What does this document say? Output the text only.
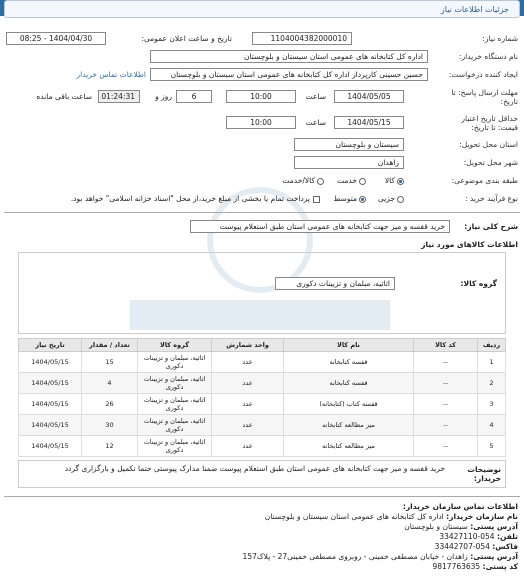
جزئیات اطلاعات نیاز
شماره نیاز:
1104004382000010
تاریخ و ساعت اعلان عمومی:
1404/04/30 - 08:25
نام دستگاه خریدار:
اداره کل کتابخانه های عمومی استان سیستان و بلوچستان
ایجاد کننده درخواست:
حسین حسینی کارپرداز اداره کل کتابخانه های عمومی استان سیستان و بلوچستان
اطلاعات تماس خریدار
مهلت ارسال پاسخ: تا
تاریخ:
1404/05/05
ساعت
10:00
6
روز و
01:24:31
ساعت باقی مانده
حداقل تاریخ اعتبار
قیمت: تا تاریخ:
1404/05/15
ساعت
10:00
استان محل تحویل:
سیستان و بلوچستان
شهر محل تحویل:
زاهدان
طبقه بندی موضوعی:
کالا
خدمت
کالا/خدمت
نوع فرآیند خرید :
جزیی
متوسط
پرداخت تمام یا بخشی از مبلغ خرید،از محل "اسناد خزانه اسلامی" خواهد بود.
شرح کلی نیاز:
خرید قفسه و میز جهت کتابخانه های عمومی استان طبق استعلام پیوست
اطلاعات کالاهای مورد نیاز
گروه کالا:
اثاثیه، مبلمان و تزیینات دکوری
ردیف	کد کالا	نام کالا	واحد شمارش	گروه کالا	تعداد / مقدار	تاریخ نیاز
1	--	قفسه کتابخانه	عدد	اثاثیه، مبلمان و تزیینات دکوری	15	1404/05/15
2	--	قفسه کتابخانه	عدد	اثاثیه، مبلمان و تزیینات دکوری	4	1404/05/15
3	--	قفسه کتاب (کتابخانه)	عدد	اثاثیه، مبلمان و تزیینات دکوری	26	1404/05/15
4	--	میز مطالعه کتابخانه	عدد	اثاثیه، مبلمان و تزیینات دکوری	30	1404/05/15
5	--	میز مطالعه کتابخانه	عدد	اثاثیه، مبلمان و تزیینات دکوری	12	1404/05/15
توضیحات خریدار:
خرید قفسه و میز جهت کتابخانه های عمومی استان طبق استعلام پیوست ضمنا مدارک پیوستی حتما تکمیل و بارگزاری گردد
اطلاعات تماس سازمان خریدار:
نام سازمان خریدار: اداره کل کتابخانه های عمومی استان سیستان و بلوچستان
آدرس پستی: سیستان و بلوچستان
تلفن: 054-33427110
فاکس: 054-33442707
آدرس پستی: زاهدان - خیابان مصطفی خمینی - روبروی مصطفی خمینی27 - پلاک157
کد پستی: 9817763635
